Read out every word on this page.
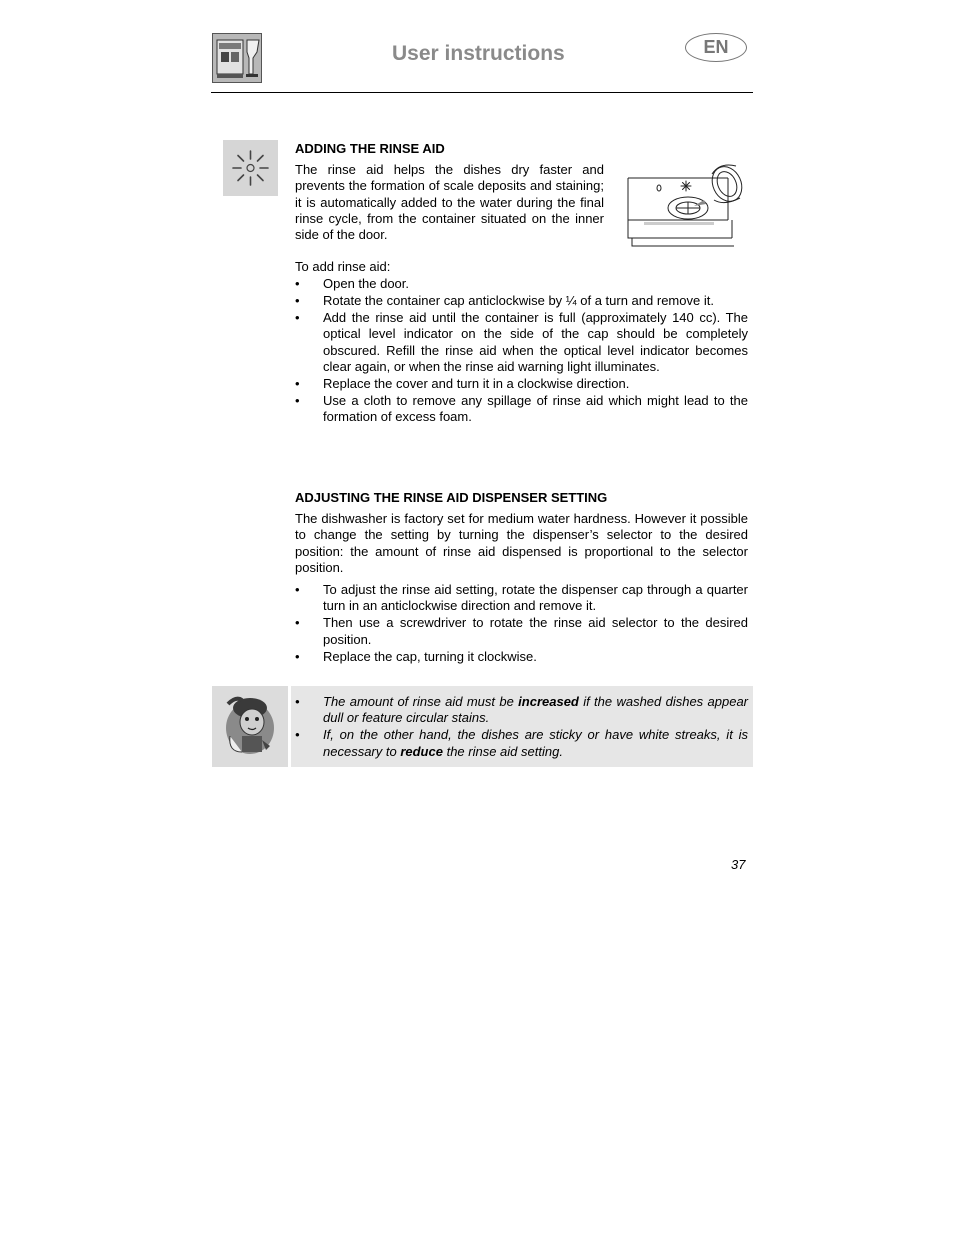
User instructions	EN
ADDING THE RINSE AID
The rinse aid helps the dishes dry faster and prevents the formation of scale deposits and staining; it is automatically added to the water during the final rinse cycle, from the container situated on the inner side of the door.
To add rinse aid:
• Open the door.
• Rotate the container cap anticlockwise by ¼ of a turn and remove it.
• Add the rinse aid until the container is full (approximately 140 cc). The optical level indicator on the side of the cap should be completely obscured. Refill the rinse aid when the optical level indicator becomes clear again, or when the rinse aid warning light illuminates.
• Replace the cover and turn it in a clockwise direction.
• Use a cloth to remove any spillage of rinse aid which might lead to the formation of excess foam.
ADJUSTING THE RINSE AID DISPENSER SETTING
The dishwasher is factory set for medium water hardness. However it possible to change the setting by turning the dispenser’s selector to the desired position: the amount of rinse aid dispensed is proportional to the selector position.
• To adjust the rinse aid setting, rotate the dispenser cap through a quarter turn in an anticlockwise direction and remove it.
• Then use a screwdriver to rotate the rinse aid selector to the desired position.
• Replace the cap, turning it clockwise.
• The amount of rinse aid must be increased if the washed dishes appear dull or feature circular stains.
• If, on the other hand, the dishes are sticky or have white streaks, it is necessary to reduce the rinse aid setting.
37
